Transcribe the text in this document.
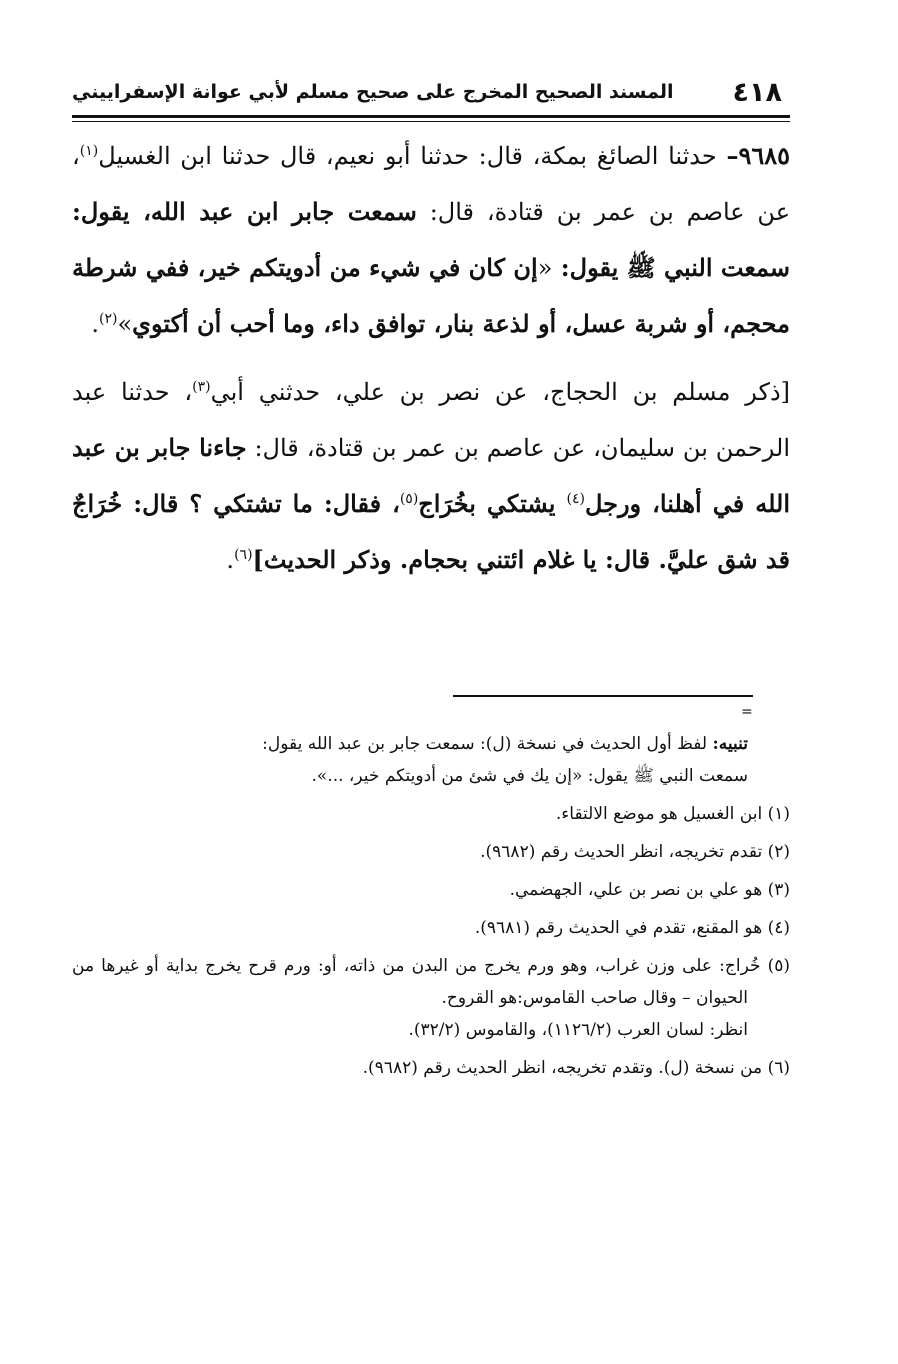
٤١٨
المسند الصحيح المخرج على صحيح مسلم لأبي عوانة الإسفراييني

٩٦٨٥– حدثنا الصائغ بمكة، قال: حدثنا أبو نعيم، قال حدثنا ابن الغسيل$^{(١)}$، عن عاصم بن عمر بن قتادة، قال: سمعت جابر ابن عبد الله، يقول: سمعت النبي ﷺ يقول: «إن كان في شيء من أدويتكم خير، ففي شرطة محجم، أو شربة عسل، أو لذعة بنار، توافق داء، وما أحب أن أكتوي»$^{(٢)}$.

[ذكر مسلم بن الحجاج، عن نصر بن علي، حدثني أبي$^{(٣)}$، حدثنا عبد الرحمن بن سليمان، عن عاصم بن عمر بن قتادة، قال: جاءنا جابر بن عبد الله في أهلنا، ورجل$^{(٤)}$ يشتكي بخُرَاج$^{(٥)}$، فقال: ما تشتكي ؟ قال: خُرَاجٌ قد شق عليَّ. قال: يا غلام ائتني بحجام. وذكر الحديث]$^{(٦)}$.

=

تنبيه: لفظ أول الحديث في نسخة (ل): سمعت جابر بن عبد الله يقول:

سمعت النبي ﷺ يقول: «إن يك في شئ من أدويتكم خير، ...».

(١) ابن الغسيل هو موضع الالتقاء.

(٢) تقدم تخريجه، انظر الحديث رقم (٩٦٨٢).

(٣) هو علي بن نصر بن علي، الجهضمي.

(٤) هو المقنع، تقدم في الحديث رقم (٩٦٨١).

(٥) خُراج: على وزن غراب، وهو ورم يخرج من البدن من ذاته، أو: ورم قرح يخرج بداية أو غيرها من الحيوان – وقال صاحب القاموس:هو القروح.

انظر: لسان العرب (١١٢٦/٢)، والقاموس (٣٢/٢).

(٦) من نسخة (ل). وتقدم تخريجه، انظر الحديث رقم (٩٦٨٢).
